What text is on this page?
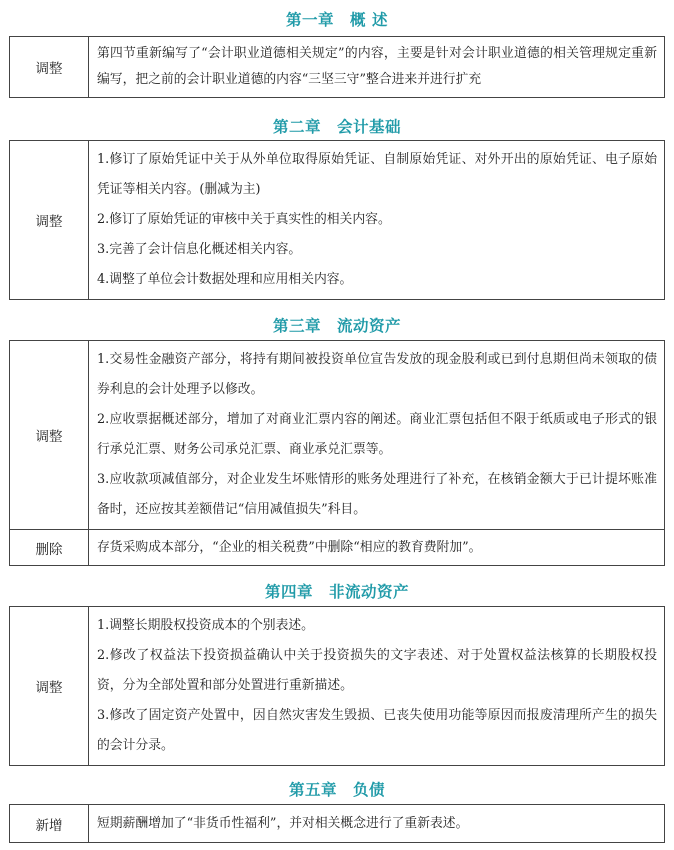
第一章　概 述
调整	
第四节重新编写了“会计职业道德相关规定”的内容，主要是针对会计职业道德的相关管理规定重新编写，把之前的会计职业道德的内容“三坚三守”整合进来并进行扩充
第二章　会计基础
调整	
1.修订了原始凭证中关于从外单位取得原始凭证、自制原始凭证、对外开出的原始凭证、电子原始凭证等相关内容。(删减为主)
2.修订了原始凭证的审核中关于真实性的相关内容。
3.完善了会计信息化概述相关内容。
4.调整了单位会计数据处理和应用相关内容。
第三章　流动资产
调整	1.交易性金融资产部分，将持有期间被投资单位宣告发放的现金股利或已到付息期但尚未领取的债券利息的会计处理予以修改。
2.应收票据概述部分，增加了对商业汇票内容的阐述。商业汇票包括但不限于纸质或电子形式的银行承兑汇票、财务公司承兑汇票、商业承兑汇票等。
3.应收款项减值部分，对企业发生坏账情形的账务处理进行了补充，在核销金额大于已计提坏账准备时，还应按其差额借记“信用减值损失”科目。

删除	存货采购成本部分，“企业的相关税费”中删除“相应的教育费附加”。
第四章　非流动资产
调整	
1.调整长期股权投资成本的个别表述。
2.修改了权益法下投资损益确认中关于投资损失的文字表述、对于处置权益法核算的长期股权投资，分为全部处置和部分处置进行重新描述。
3.修改了固定资产处置中，因自然灾害发生毁损、已丧失使用功能等原因而报废清理所产生的损失的会计分录。
第五章　负债
新增	短期薪酬增加了“非货币性福利”，并对相关概念进行了重新表述。
